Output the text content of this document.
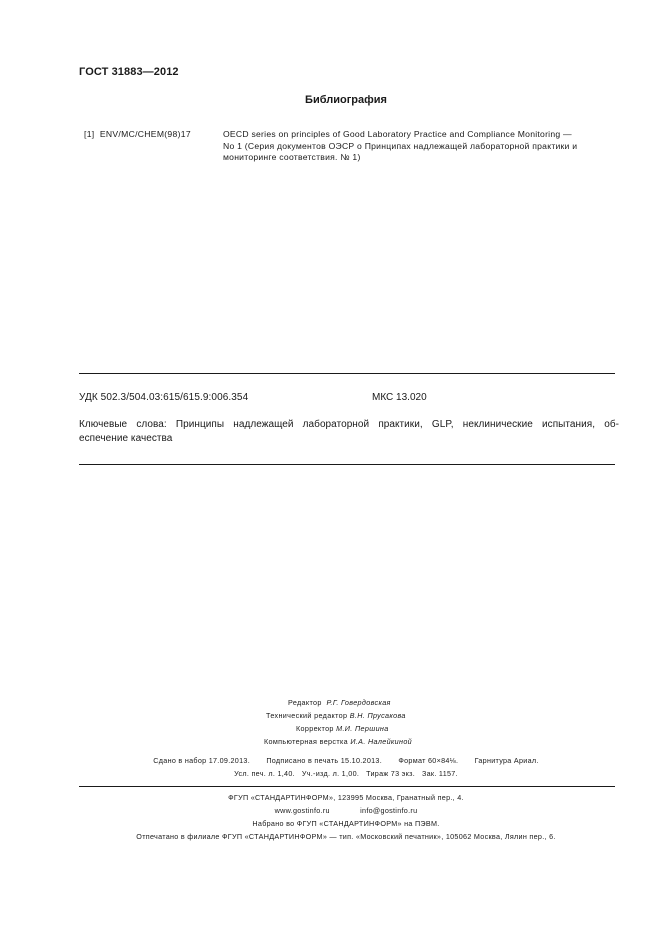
ГОСТ 31883—2012
Библиография
[1] ENV/MC/CHEM(98)17	OECD series on principles of Good Laboratory Practice and Compliance Monitoring —
No 1 (Серия документов ОЭСР о Принципах надлежащей лабораторной практики и
мониторинге соответствия. № 1)
УДК 502.3/504.03:615/615.9:006.354	МКС 13.020
Ключевые слова: Принципы надлежащей лабораторной практики, GLP, неклинические испытания, об-
еспечение качества
Редактор Р.Г. Говердовская
Технический редактор В.Н. Прусакова
Корректор М.И. Першина
Компьютерная верстка И.А. Налейкиной
Сдано в набор 17.09.2013. Подписано в печать 15.10.2013. Формат 60×84⅛. Гарнитура Ариал.
Усл. печ. л. 1,40. Уч.-изд. л. 1,00. Тираж 73 экз. Зак. 1157.
ФГУП «СТАНДАРТИНФОРМ», 123995 Москва, Гранатный пер., 4.
www.gostinfo.ru	info@gostinfo.ru
Набрано во ФГУП «СТАНДАРТИНФОРМ» на ПЭВМ.
Отпечатано в филиале ФГУП «СТАНДАРТИНФОРМ» — тип. «Московский печатник», 105062 Москва, Лялин пер., 6.
